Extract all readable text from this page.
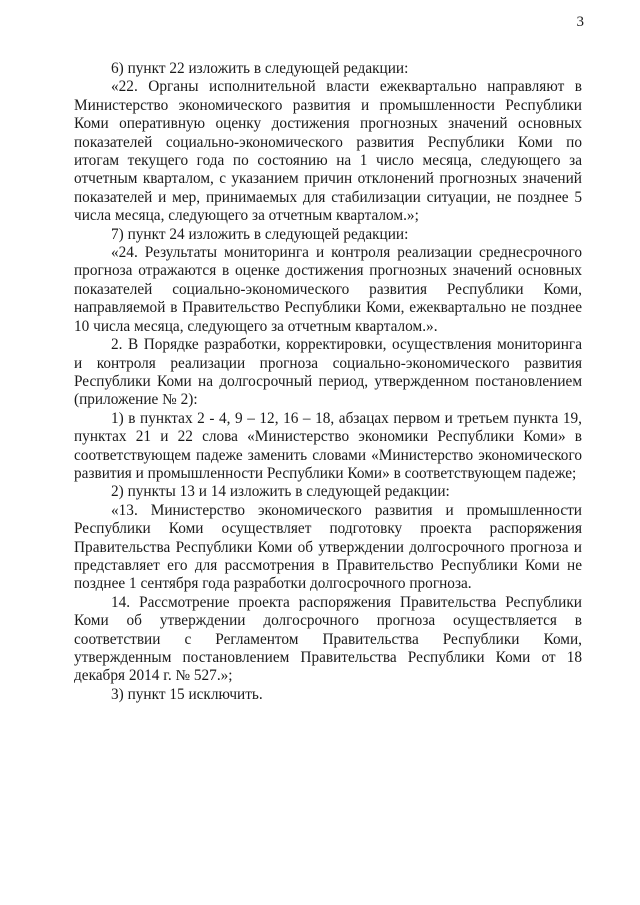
3

6) пункт 22 изложить в следующей редакции:

«22. Органы исполнительной власти ежеквартально направляют в Министерство экономического развития и промышленности Республики Коми оперативную оценку достижения прогнозных значений основных показателей социально-экономического развития Республики Коми по итогам текущего года по состоянию на 1 число месяца, следующего за отчетным кварталом, с указанием причин отклонений прогнозных значений показателей и мер, принимаемых для стабилизации ситуации, не позднее 5 числа месяца, следующего за отчетным кварталом.»;

7) пункт 24 изложить в следующей редакции:

«24. Результаты мониторинга и контроля реализации среднесрочного прогноза отражаются в оценке достижения прогнозных значений основных показателей социально-экономического развития Республики Коми, направляемой в Правительство Республики Коми, ежеквартально не позднее 10 числа месяца, следующего за отчетным кварталом.».

2. В Порядке разработки, корректировки, осуществления мониторинга и контроля реализации прогноза социально-экономического развития Республики Коми на долгосрочный период, утвержденном постановлением (приложение № 2):

1) в пунктах 2 - 4, 9 – 12, 16 – 18, абзацах первом и третьем пункта 19, пунктах 21 и 22 слова «Министерство экономики Республики Коми» в соответствующем падеже заменить словами «Министерство экономического развития и промышленности Республики Коми» в соответствующем падеже;

2) пункты 13 и 14 изложить в следующей редакции:

«13. Министерство экономического развития и промышленности Республики Коми осуществляет подготовку проекта распоряжения Правительства Республики Коми об утверждении долгосрочного прогноза и представляет его для рассмотрения в Правительство Республики Коми не позднее 1 сентября года разработки долгосрочного прогноза.

14. Рассмотрение проекта распоряжения Правительства Республики Коми об утверждении долгосрочного прогноза осуществляется в соответствии с Регламентом Правительства Республики Коми, утвержденным постановлением Правительства Республики Коми от 18 декабря 2014 г. № 527.»;

3) пункт 15 исключить.
